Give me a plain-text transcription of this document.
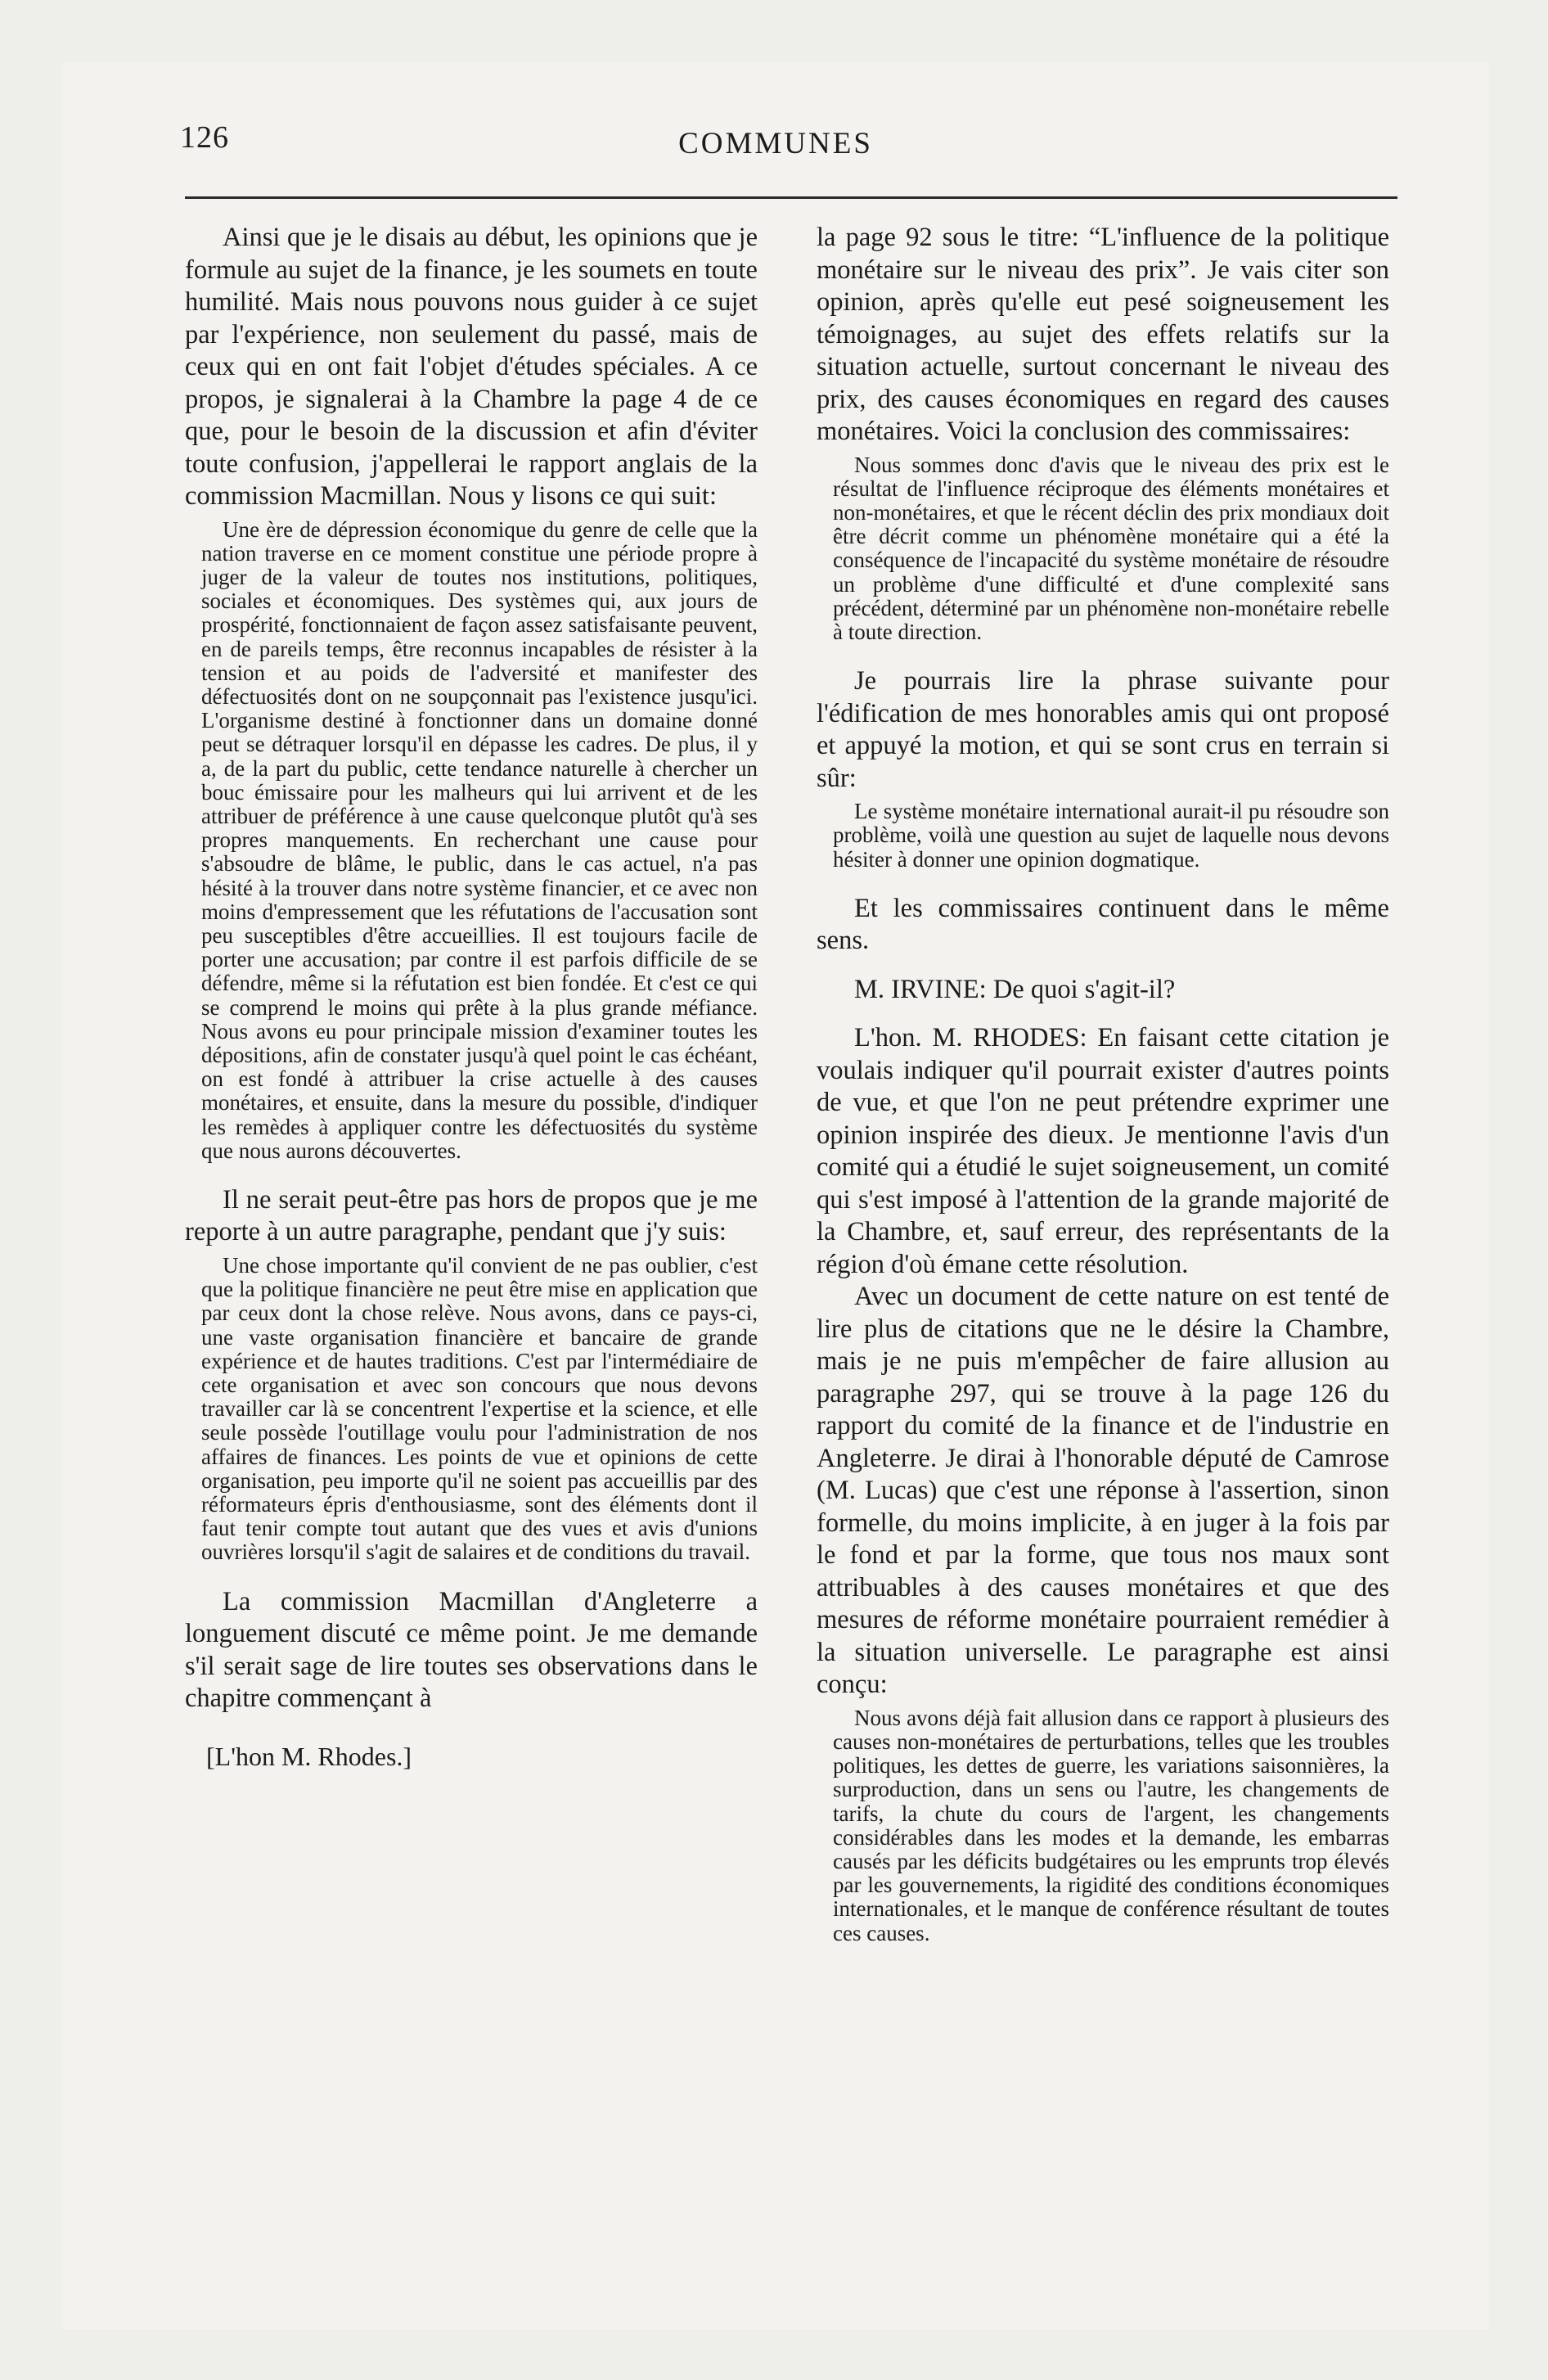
126	COMMUNES

Ainsi que je le disais au début, les opinions que je formule au sujet de la finance, je les soumets en toute humilité. Mais nous pouvons nous guider à ce sujet par l'expérience, non seulement du passé, mais de ceux qui en ont fait l'objet d'études spéciales. A ce propos, je signalerai à la Chambre la page 4 de ce que, pour le besoin de la discussion et afin d'éviter toute confusion, j'appellerai le rapport anglais de la commission Macmillan. Nous y lisons ce qui suit:

Une ère de dépression économique du genre de celle que la nation traverse en ce moment constitue une période propre à juger de la valeur de toutes nos institutions, politiques, sociales et économiques. Des systèmes qui, aux jours de prospérité, fonctionnaient de façon assez satisfaisante peuvent, en de pareils temps, être reconnus incapables de résister à la tension et au poids de l'adversité et manifester des défectuosités dont on ne soupçonnait pas l'existence jusqu'ici. L'organisme destiné à fonctionner dans un domaine donné peut se détraquer lorsqu'il en dépasse les cadres. De plus, il y a, de la part du public, cette tendance naturelle à chercher un bouc émissaire pour les malheurs qui lui arrivent et de les attribuer de préférence à une cause quelconque plutôt qu'à ses propres manquements. En recherchant une cause pour s'absoudre de blâme, le public, dans le cas actuel, n'a pas hésité à la trouver dans notre système financier, et ce avec non moins d'empressement que les réfutations de l'accusation sont peu susceptibles d'être accueillies. Il est toujours facile de porter une accusation; par contre il est parfois difficile de se défendre, même si la réfutation est bien fondée. Et c'est ce qui se comprend le moins qui prête à la plus grande méfiance. Nous avons eu pour principale mission d'examiner toutes les dépositions, afin de constater jusqu'à quel point le cas échéant, on est fondé à attribuer la crise actuelle à des causes monétaires, et ensuite, dans la mesure du possible, d'indiquer les remèdes à appliquer contre les défectuosités du système que nous aurons découvertes.

Il ne serait peut-être pas hors de propos que je me reporte à un autre paragraphe, pendant que j'y suis:

Une chose importante qu'il convient de ne pas oublier, c'est que la politique financière ne peut être mise en application que par ceux dont la chose relève. Nous avons, dans ce pays-ci, une vaste organisation financière et bancaire de grande expérience et de hautes traditions. C'est par l'intermédiaire de cete organisation et avec son concours que nous devons travailler car là se concentrent l'expertise et la science, et elle seule possède l'outillage voulu pour l'administration de nos affaires de finances. Les points de vue et opinions de cette organisation, peu importe qu'il ne soient pas accueillis par des réformateurs épris d'enthousiasme, sont des éléments dont il faut tenir compte tout autant que des vues et avis d'unions ouvrières lorsqu'il s'agit de salaires et de conditions du travail.

La commission Macmillan d'Angleterre a longuement discuté ce même point. Je me demande s'il serait sage de lire toutes ses observations dans le chapitre commençant à

[L'hon M. Rhodes.]

la page 92 sous le titre: “L'influence de la politique monétaire sur le niveau des prix”. Je vais citer son opinion, après qu'elle eut pesé soigneusement les témoignages, au sujet des effets relatifs sur la situation actuelle, surtout concernant le niveau des prix, des causes économiques en regard des causes monétaires. Voici la conclusion des commissaires:

Nous sommes donc d'avis que le niveau des prix est le résultat de l'influence réciproque des éléments monétaires et non-monétaires, et que le récent déclin des prix mondiaux doit être décrit comme un phénomène monétaire qui a été la conséquence de l'incapacité du système monétaire de résoudre un problème d'une difficulté et d'une complexité sans précédent, déterminé par un phénomène non-monétaire rebelle à toute direction.

Je pourrais lire la phrase suivante pour l'édification de mes honorables amis qui ont proposé et appuyé la motion, et qui se sont crus en terrain si sûr:

Le système monétaire international aurait-il pu résoudre son problème, voilà une question au sujet de laquelle nous devons hésiter à donner une opinion dogmatique.

Et les commissaires continuent dans le même sens.

M. IRVINE: De quoi s'agit-il?

L'hon. M. RHODES: En faisant cette citation je voulais indiquer qu'il pourrait exister d'autres points de vue, et que l'on ne peut prétendre exprimer une opinion inspirée des dieux. Je mentionne l'avis d'un comité qui a étudié le sujet soigneusement, un comité qui s'est imposé à l'attention de la grande majorité de la Chambre, et, sauf erreur, des représentants de la région d'où émane cette résolution.

Avec un document de cette nature on est tenté de lire plus de citations que ne le désire la Chambre, mais je ne puis m'empêcher de faire allusion au paragraphe 297, qui se trouve à la page 126 du rapport du comité de la finance et de l'industrie en Angleterre. Je dirai à l'honorable député de Camrose (M. Lucas) que c'est une réponse à l'assertion, sinon formelle, du moins implicite, à en juger à la fois par le fond et par la forme, que tous nos maux sont attribuables à des causes monétaires et que des mesures de réforme monétaire pourraient remédier à la situation universelle. Le paragraphe est ainsi conçu:

Nous avons déjà fait allusion dans ce rapport à plusieurs des causes non-monétaires de perturbations, telles que les troubles politiques, les dettes de guerre, les variations saisonnières, la surproduction, dans un sens ou l'autre, les changements de tarifs, la chute du cours de l'argent, les changements considérables dans les modes et la demande, les embarras causés par les déficits budgétaires ou les emprunts trop élevés par les gouvernements, la rigidité des conditions économiques internationales, et le manque de conférence résultant de toutes ces causes.
